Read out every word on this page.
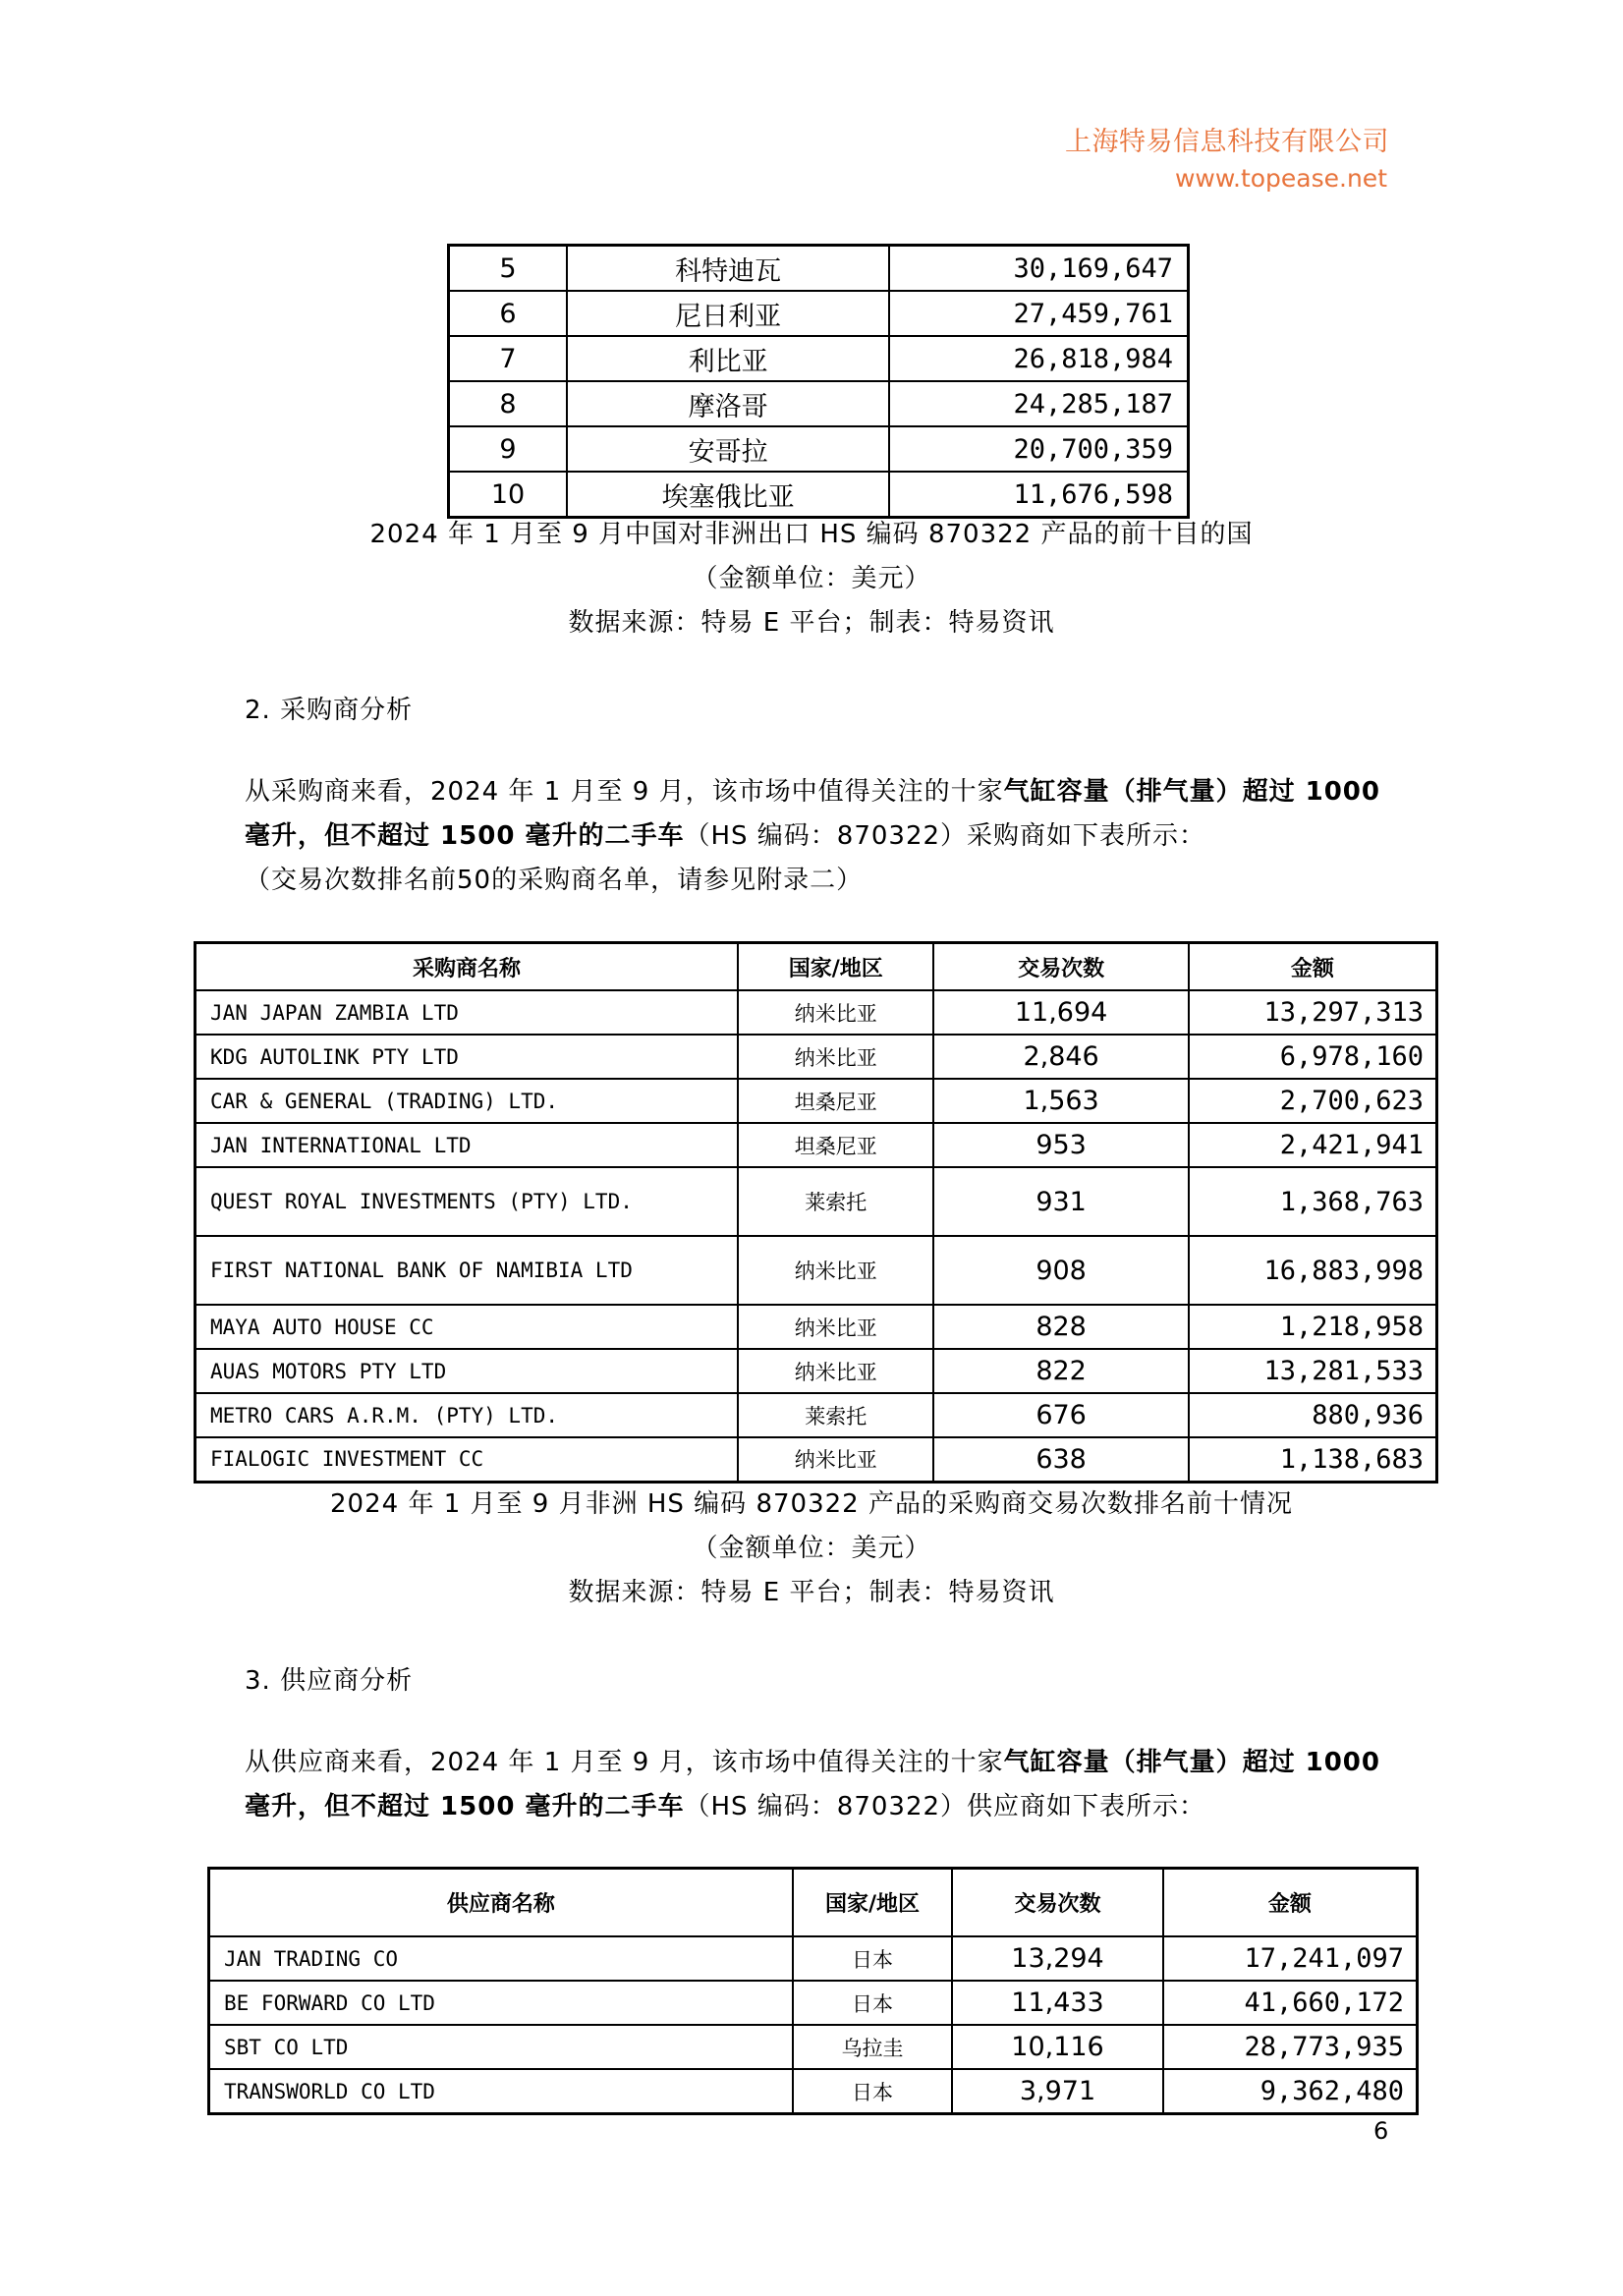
上海特易信息科技有限公司
www.topease.net
5	科特迪瓦	30,169,647
6	尼日利亚	27,459,761
7	利比亚	26,818,984
8	摩洛哥	24,285,187
9	安哥拉	20,700,359
10	埃塞俄比亚	11,676,598
2024 年 1 月至 9 月中国对非洲出口 HS 编码 870322 产品的前十目的国
（金额单位：美元）
数据来源：特易 E 平台；制表：特易资讯
2. 采购商分析
从采购商来看，2024 年 1 月至 9 月，该市场中值得关注的十家气缸容量（排气量）超过 1000 毫升，但不超过 1500 毫升的二手车（HS 编码：870322）采购商如下表所示：
（交易次数排名前50的采购商名单，请参见附录二）
采购商名称	国家/地区	交易次数	金额
JAN JAPAN ZAMBIA LTD	纳米比亚	11,694	13,297,313
KDG AUTOLINK PTY LTD	纳米比亚	2,846	6,978,160
CAR & GENERAL (TRADING) LTD.	坦桑尼亚	1,563	2,700,623
JAN INTERNATIONAL LTD	坦桑尼亚	953	2,421,941
QUEST ROYAL INVESTMENTS (PTY) LTD.	莱索托	931	1,368,763
FIRST NATIONAL BANK OF NAMIBIA LTD	纳米比亚	908	16,883,998
MAYA AUTO HOUSE CC	纳米比亚	828	1,218,958
AUAS MOTORS PTY LTD	纳米比亚	822	13,281,533
METRO CARS A.R.M. (PTY) LTD.	莱索托	676	880,936
FIALOGIC INVESTMENT CC	纳米比亚	638	1,138,683
2024 年 1 月至 9 月非洲 HS 编码 870322 产品的采购商交易次数排名前十情况
（金额单位：美元）
数据来源：特易 E 平台；制表：特易资讯
3. 供应商分析
从供应商来看，2024 年 1 月至 9 月，该市场中值得关注的十家气缸容量（排气量）超过 1000 毫升，但不超过 1500 毫升的二手车（HS 编码：870322）供应商如下表所示：
供应商名称	国家/地区	交易次数	金额
JAN TRADING CO	日本	13,294	17,241,097
BE FORWARD CO LTD	日本	11,433	41,660,172
SBT CO LTD	乌拉圭	10,116	28,773,935
TRANSWORLD CO LTD	日本	3,971	9,362,480
6
